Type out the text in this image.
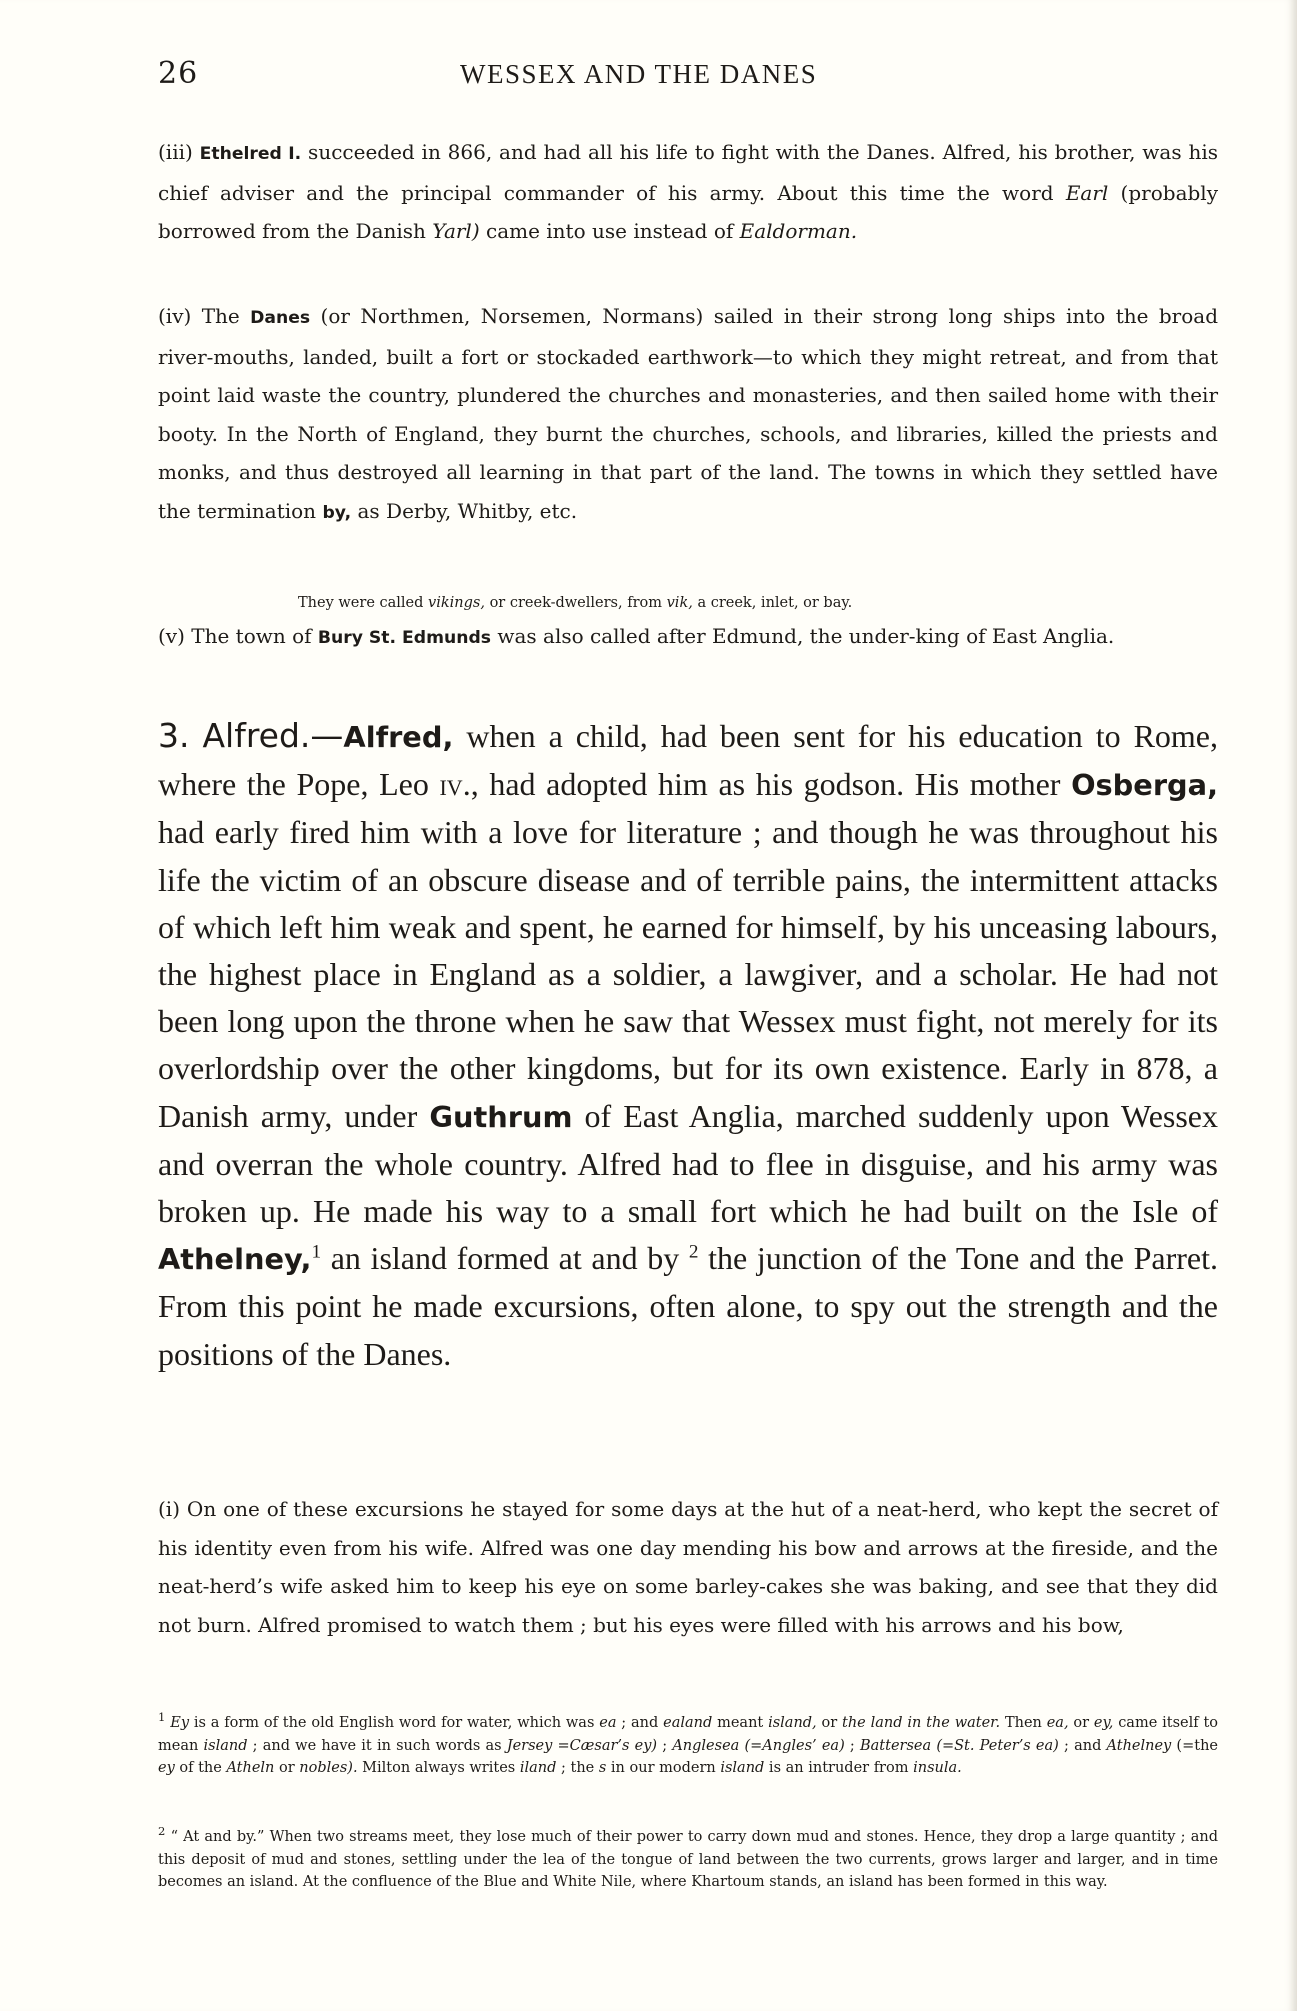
26	WESSEX AND THE DANES

(iii) Ethelred I. succeeded in 866, and had all his life to fight with the Danes. Alfred, his brother, was his chief adviser and the principal commander of his army. About this time the word Earl (probably borrowed from the Danish Yarl) came into use instead of Ealdorman.

(iv) The Danes (or Northmen, Norsemen, Normans) sailed in their strong long ships into the broad river-mouths, landed, built a fort or stockaded earthwork—to which they might retreat, and from that point laid waste the country, plundered the churches and monasteries, and then sailed home with their booty. In the North of England, they burnt the churches, schools, and libraries, killed the priests and monks, and thus destroyed all learning in that part of the land. The towns in which they settled have the termination by, as Derby, Whitby, etc.

They were called vikings, or creek-dwellers, from vik, a creek, inlet, or bay.

(v) The town of Bury St. Edmunds was also called after Edmund, the under-king of East Anglia.

3. Alfred.—Alfred, when a child, had been sent for his education to Rome, where the Pope, Leo iv., had adopted him as his godson. His mother Osberga, had early fired him with a love for literature ; and though he was throughout his life the victim of an obscure disease and of terrible pains, the intermittent attacks of which left him weak and spent, he earned for himself, by his unceasing labours, the highest place in England as a soldier, a lawgiver, and a scholar. He had not been long upon the throne when he saw that Wessex must fight, not merely for its overlordship over the other kingdoms, but for its own existence. Early in 878, a Danish army, under Guthrum of East Anglia, marched suddenly upon Wessex and overran the whole country. Alfred had to flee in disguise, and his army was broken up. He made his way to a small fort which he had built on the Isle of Athelney,$^1$ an island formed at and by $^2$ the junction of the Tone and the Parret. From this point he made excursions, often alone, to spy out the strength and the positions of the Danes.

(i) On one of these excursions he stayed for some days at the hut of a neat-herd, who kept the secret of his identity even from his wife. Alfred was one day mending his bow and arrows at the fireside, and the neat-herd’s wife asked him to keep his eye on some barley-cakes she was baking, and see that they did not burn. Alfred promised to watch them ; but his eyes were filled with his arrows and his bow,

$^1$ Ey is a form of the old English word for water, which was ea ; and ealand meant island, or the land in the water. Then ea, or ey, came itself to mean island ; and we have it in such words as Jersey =Cæsar’s ey) ; Anglesea (=Angles’ ea) ; Battersea (=St. Peter’s ea) ; and Athelney (=the ey of the Atheln or nobles). Milton always writes iland ; the s in our modern island is an intruder from insula.

$^2$ “ At and by.” When two streams meet, they lose much of their power to carry down mud and stones. Hence, they drop a large quantity ; and this deposit of mud and stones, settling under the lea of the tongue of land between the two currents, grows larger and larger, and in time becomes an island. At the confluence of the Blue and White Nile, where Khartoum stands, an island has been formed in this way.
